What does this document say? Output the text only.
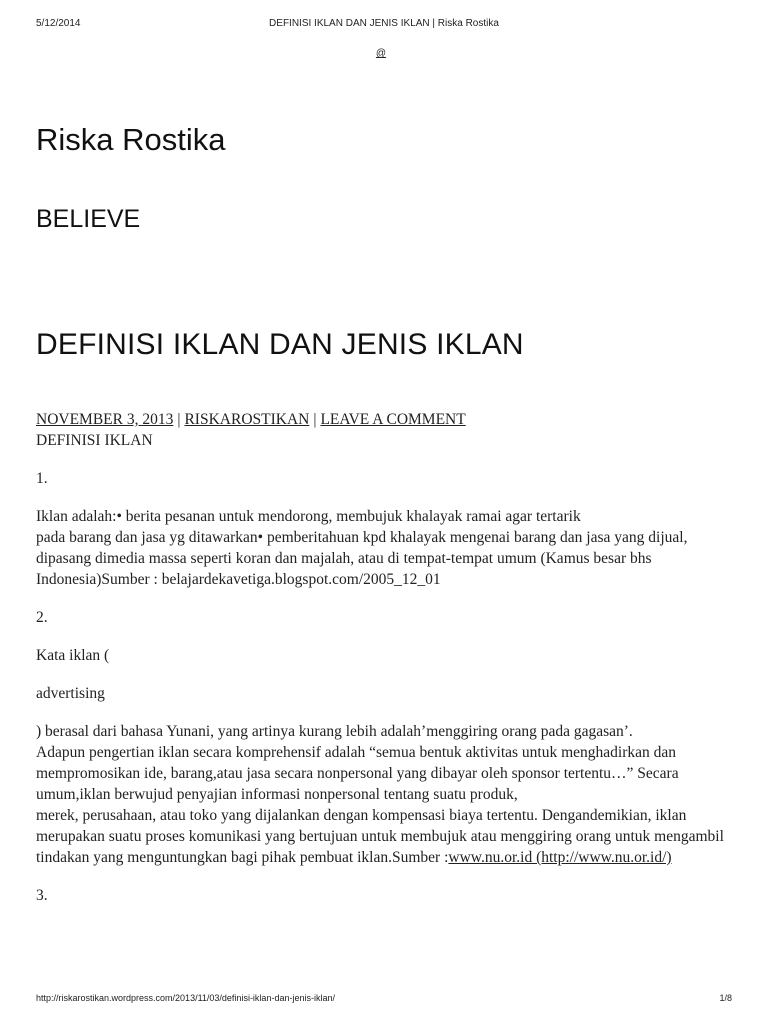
5/12/2014	DEFINISI IKLAN DAN JENIS IKLAN | Riska Rostika
@
Riska Rostika
BELIEVE
DEFINISI IKLAN DAN JENIS IKLAN
NOVEMBER 3, 2013 | RISKAROSTIKAN | LEAVE A COMMENT

DEFINISI IKLAN

1.

Iklan adalah:• berita pesanan untuk mendorong, membujuk khalayak ramai agar tertarik
pada barang dan jasa yg ditawarkan• pemberitahuan kpd khalayak mengenai barang dan jasa yang dijual, dipasang dimedia massa seperti koran dan majalah, atau di tempat-tempat umum (Kamus besar bhs Indonesia)Sumber : belajardekavetiga.blogspot.com/2005_12_01

2.

Kata iklan (

advertising

) berasal dari bahasa Yunani, yang artinya kurang lebih adalah’menggiring orang pada gagasan’.
Adapun pengertian iklan secara komprehensif adalah “semua bentuk aktivitas untuk menghadirkan dan mempromosikan ide, barang,atau jasa secara nonpersonal yang dibayar oleh sponsor tertentu…” Secara umum,iklan berwujud penyajian informasi nonpersonal tentang suatu produk,
merek, perusahaan, atau toko yang dijalankan dengan kompensasi biaya tertentu. Dengandemikian, iklan merupakan suatu proses komunikasi yang bertujuan untuk membujuk atau menggiring orang untuk mengambil tindakan yang menguntungkan bagi pihak pembuat iklan.Sumber :www.nu.or.id (http://www.nu.or.id/)

3.

http://riskarostikan.wordpress.com/2013/11/03/definisi-iklan-dan-jenis-iklan/	1/8
